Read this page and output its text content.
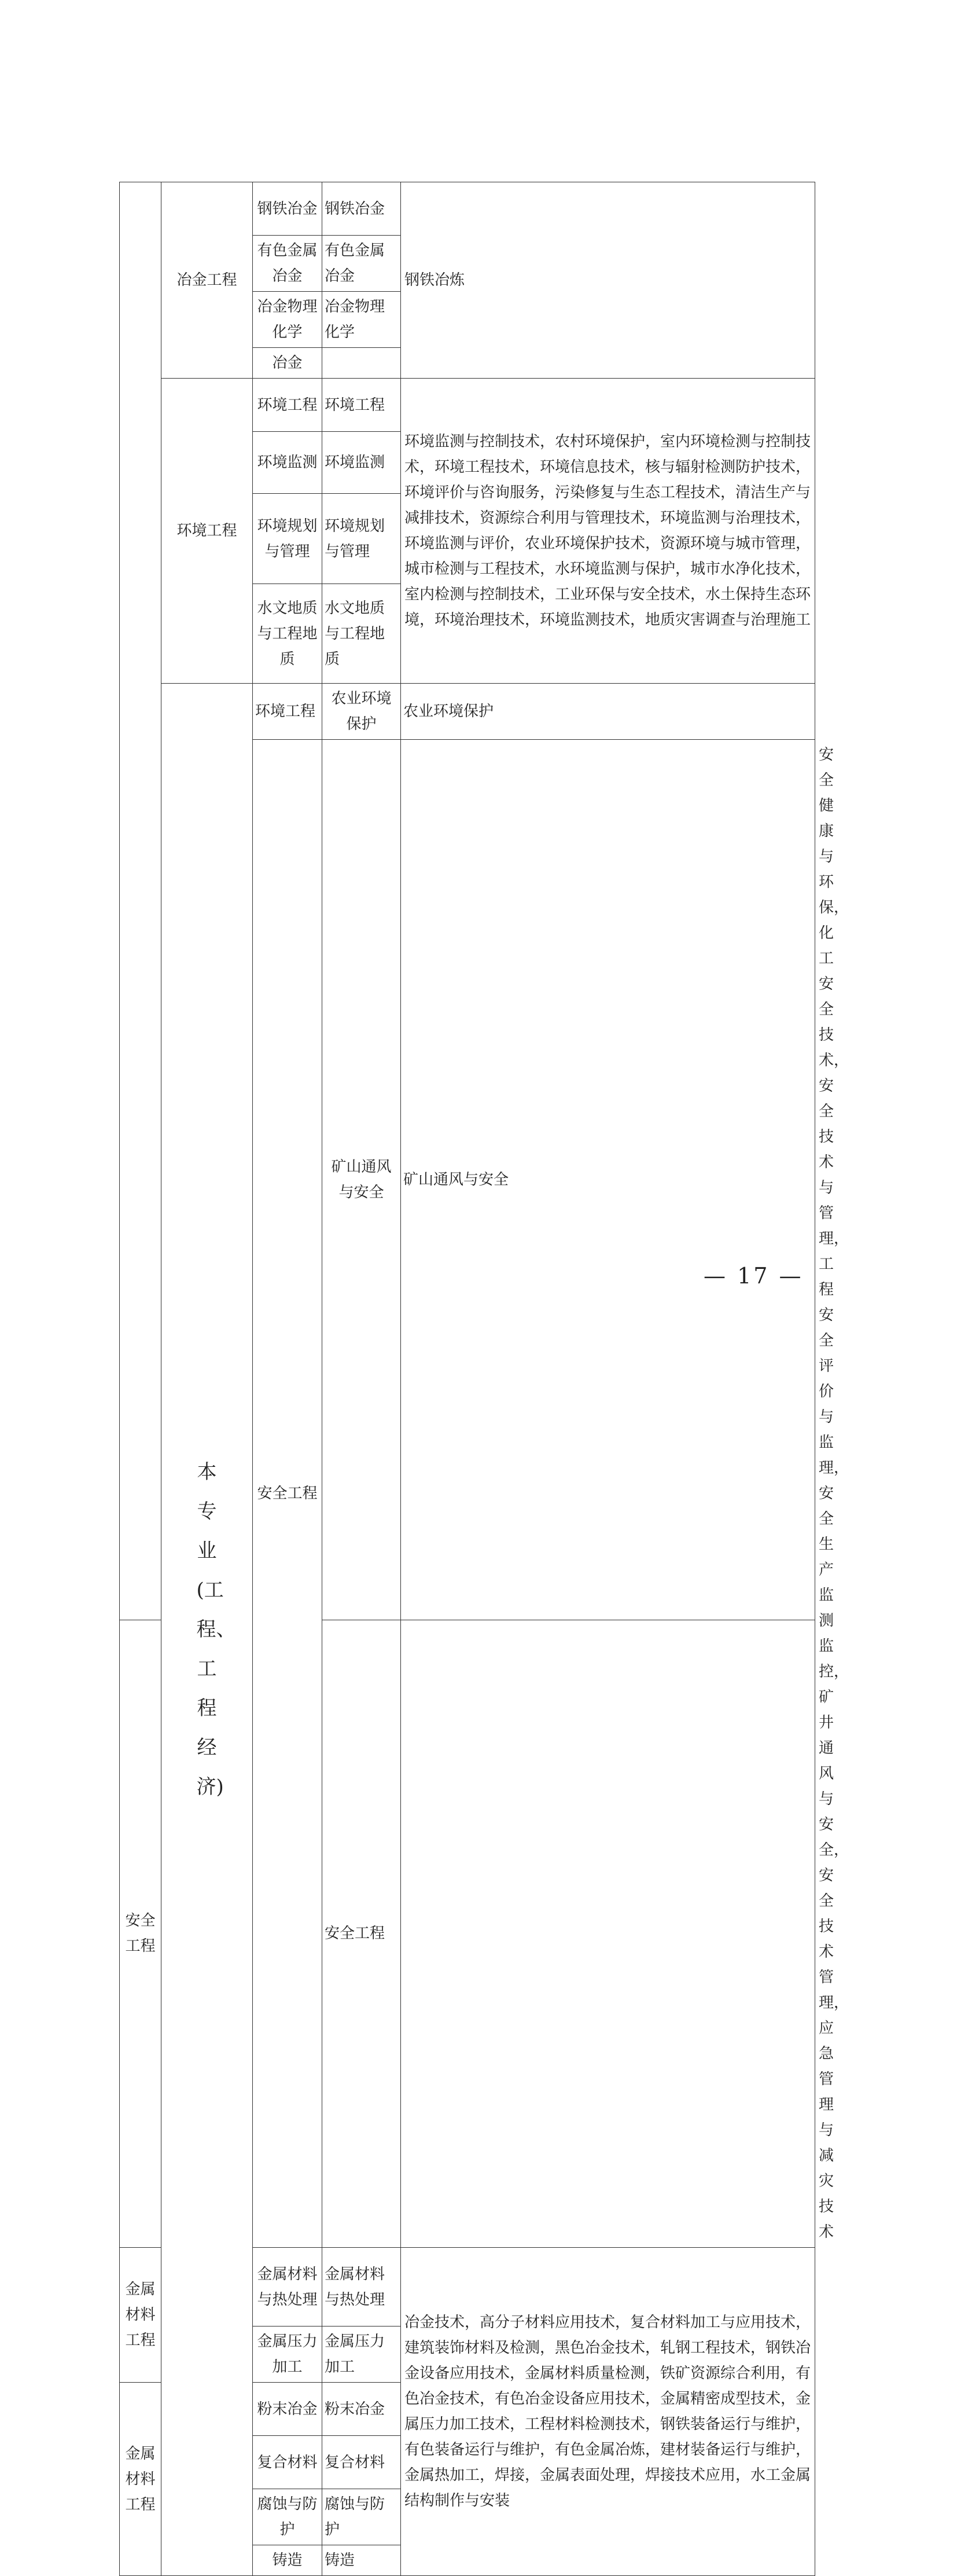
	冶金工程	钢铁冶金	钢铁冶金	钢铁冶炼	
		有色金属冶金	有色金属冶金		
		冶金物理化学	冶金物理化学		
		冶金			
	环境工程	环境工程	环境工程	环境监测与控制技术，农村环境保护，室内环境检测与控制技术，环境工程技术，环境信息技术，核与辐射检测防护技术，环境评价与咨询服务，污染修复与生态工程技术，清洁生产与减排技术，资源综合利用与管理技术，环境监测与治理技术，环境监测与评价，农业环境保护技术，资源环境与城市管理，城市检测与工程技术，水环境监测与保护，城市水净化技术，室内检测与控制技术，工业环保与安全技术，水土保持生态环境，环境治理技术，环境监测技术，地质灾害调查与治理施工	
		环境监测	环境监测		
		环境规划与管理	环境规划与管理		
		水文地质与工程地质	水文地质与工程地质		

	本专业(工程、工程经济)	环境工程	农业环境保护	农业环境保护	
		安全工程	矿山通风与安全	矿山通风与安全	安全健康与环保，化工安全技术，安全技术与管理，工程安全评价与监理，安全生产监测监控，矿井通风与安全，安全技术管理，应急管理与减灾技术
安全工程			安全工程		
金属材料工程		金属材料与热处理	金属材料与热处理	冶金技术，高分子材料应用技术，复合材料加工与应用技术， 建筑装饰材料及检测，黑色冶金技术，轧钢工程技术，钢铁冶金设备应用技术，金属材料质量检测，铁矿资源综合利用，有色冶金技术，有色冶金设备应用技术，金属精密成型技术，金属压力加工技术，工程材料检测技术，钢铁装备运行与维护，有色装备运行与维护，有色金属冶炼，建材装备运行与维护，金属热加工，焊接，金属表面处理，焊接技术应用，水工金属结构制作与安装	
		金属压力加工	金属压力加工		
金属材料工程		粉末冶金	粉末冶金		
		复合材料	复合材料		
		腐蚀与防护	腐蚀与防护		
		铸造	铸造		
— 17 —
